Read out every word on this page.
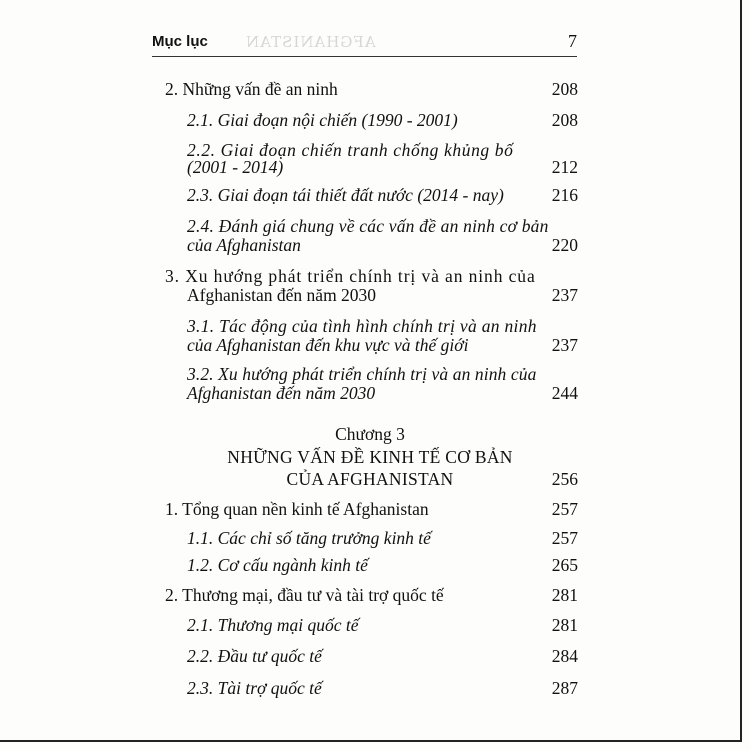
AFGHANISTAN
Mục lục	7
2. Những vấn đề an ninh	208
2.1. Giai đoạn nội chiến (1990 - 2001)	208
2.2. Giai đoạn chiến tranh chống khủng bố
(2001 - 2014)	212
2.3. Giai đoạn tái thiết đất nước (2014 - nay)	216
2.4. Đánh giá chung về các vấn đề an ninh cơ bản
của Afghanistan	220
3. Xu hướng phát triển chính trị và an ninh của
Afghanistan đến năm 2030	237
3.1. Tác động của tình hình chính trị và an ninh
của Afghanistan đến khu vực và thế giới	237
3.2. Xu hướng phát triển chính trị và an ninh của
Afghanistan đến năm 2030	244
Chương 3
NHỮNG VẤN ĐỀ KINH TẾ CƠ BẢN
CỦA AFGHANISTAN	256
1. Tổng quan nền kinh tế Afghanistan	257
1.1. Các chỉ số tăng trưởng kinh tế	257
1.2. Cơ cấu ngành kinh tế	265
2. Thương mại, đầu tư và tài trợ quốc tế	281
2.1. Thương mại quốc tế	281
2.2. Đầu tư quốc tế	284
2.3. Tài trợ quốc tế	287
